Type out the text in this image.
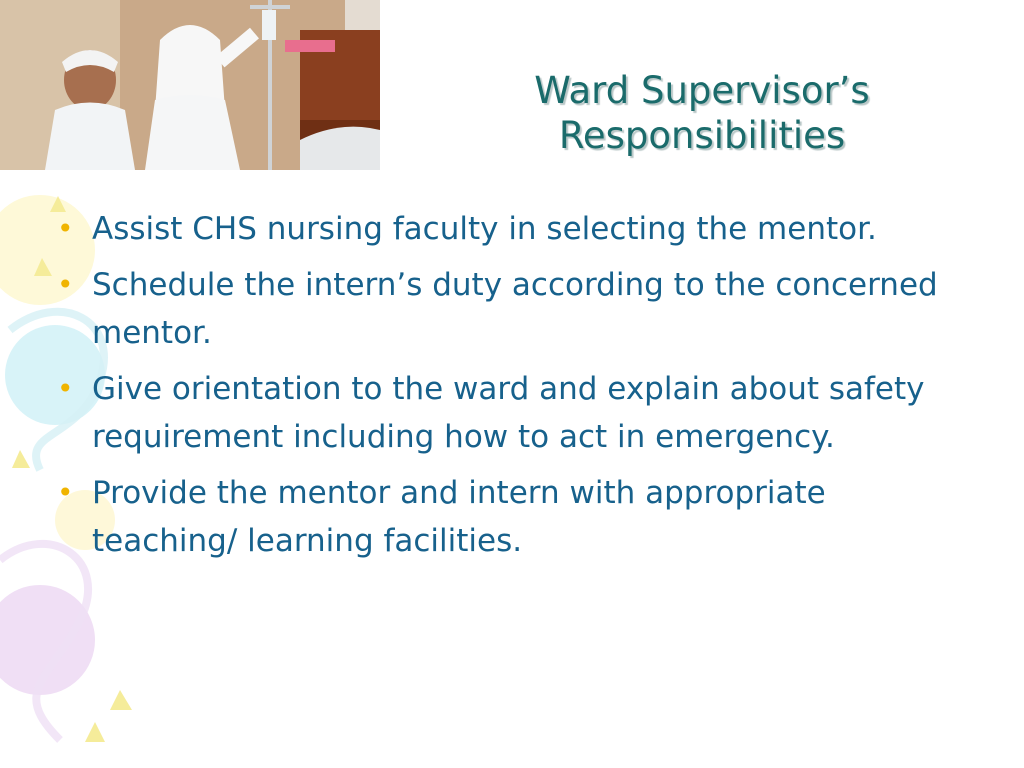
Ward Supervisor’s
Responsibilities
• Assist CHS nursing faculty in selecting the mentor.
• Schedule the intern’s duty according to the concerned mentor.
• Give orientation to the ward and explain about safety requirement including how to act in emergency.
• Provide the mentor and intern with appropriate teaching/ learning facilities.
